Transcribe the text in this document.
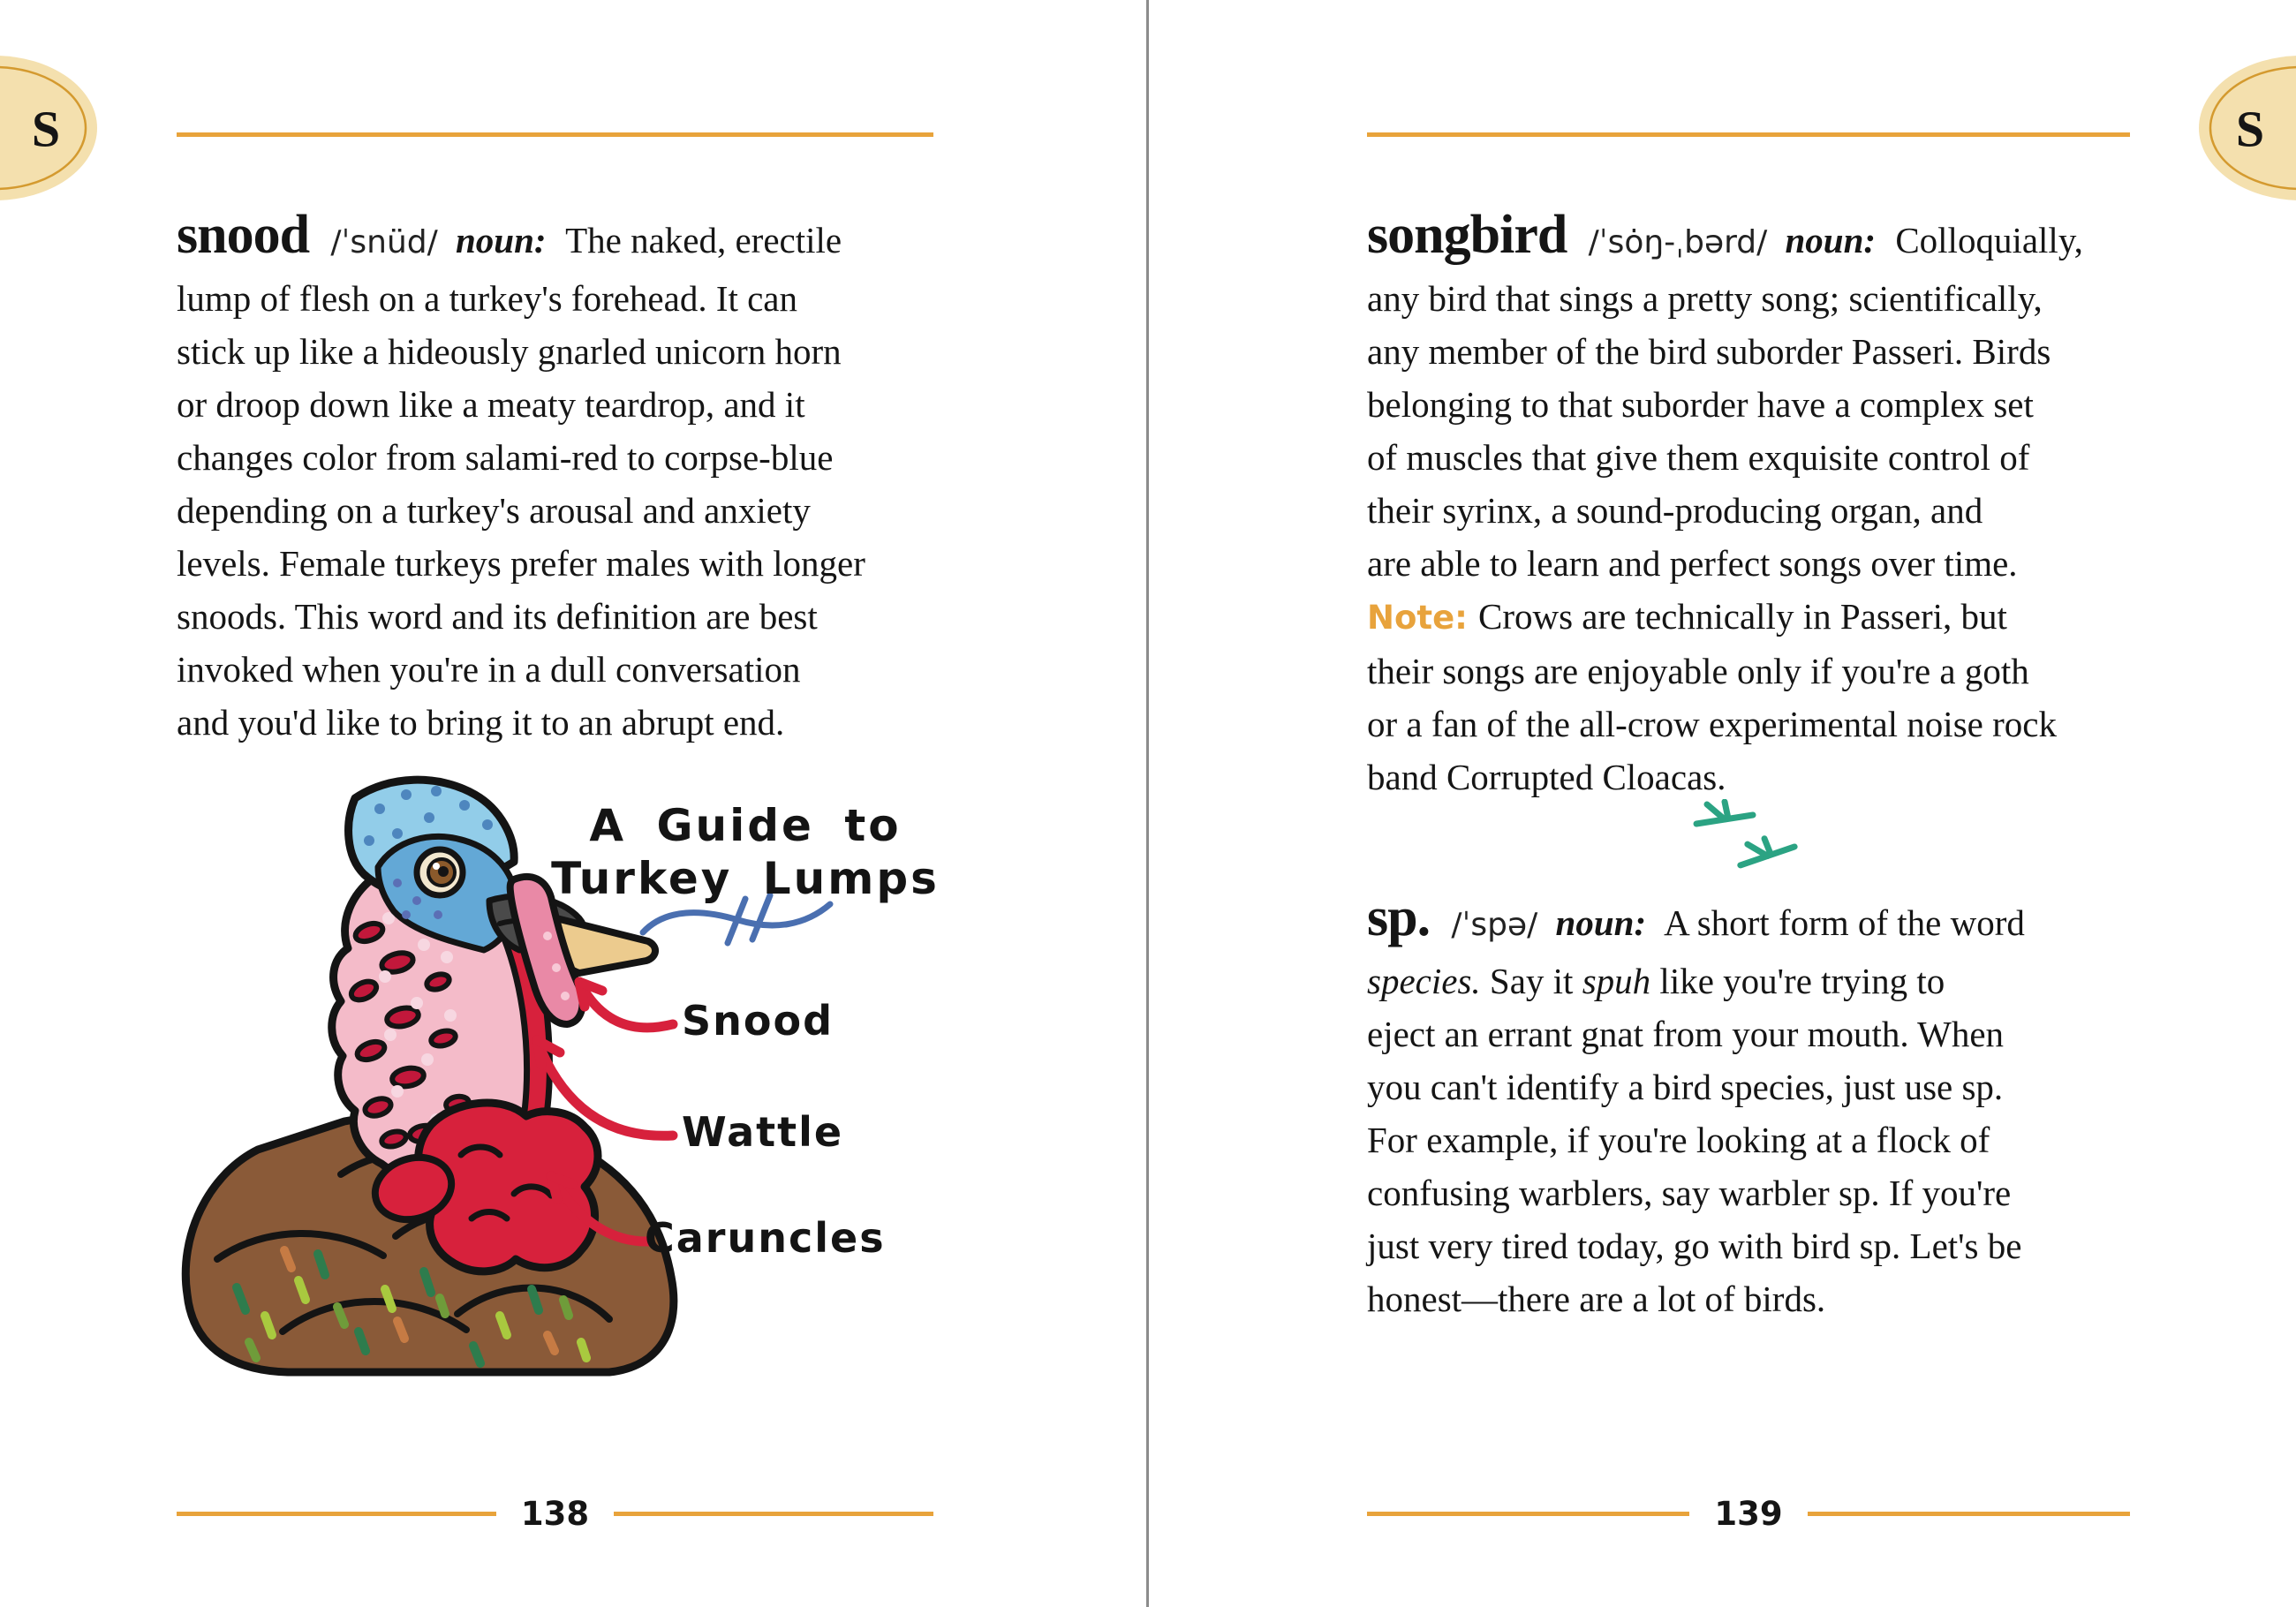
S	S
snood /ˈsnüd/ noun: The naked, erectile
lump of flesh on a turkey's forehead. It can
stick up like a hideously gnarled unicorn horn
or droop down like a meaty teardrop, and it
changes color from salami-red to corpse-blue
depending on a turkey's arousal and anxiety
levels. Female turkeys prefer males with longer
snoods. This word and its definition are best
invoked when you're in a dull conversation
and you'd like to bring it to an abrupt end.
A Guide to
Turkey Lumps
Snood
Wattle
Caruncles
songbird /ˈsȯŋ-ˌbərd/ noun: Colloquially,
any bird that sings a pretty song; scientifically,
any member of the bird suborder Passeri. Birds
belonging to that suborder have a complex set
of muscles that give them exquisite control of
their syrinx, a sound-producing organ, and
are able to learn and perfect songs over time.
Note: Crows are technically in Passeri, but
their songs are enjoyable only if you're a goth
or a fan of the all-crow experimental noise rock
band Corrupted Cloacas.
sp. /ˈspə/ noun: A short form of the word
species. Say it spuh like you're trying to
eject an errant gnat from your mouth. When
you can't identify a bird species, just use sp.
For example, if you're looking at a flock of
confusing warblers, say warbler sp. If you're
just very tired today, go with bird sp. Let's be
honest—there are a lot of birds.
138	139
